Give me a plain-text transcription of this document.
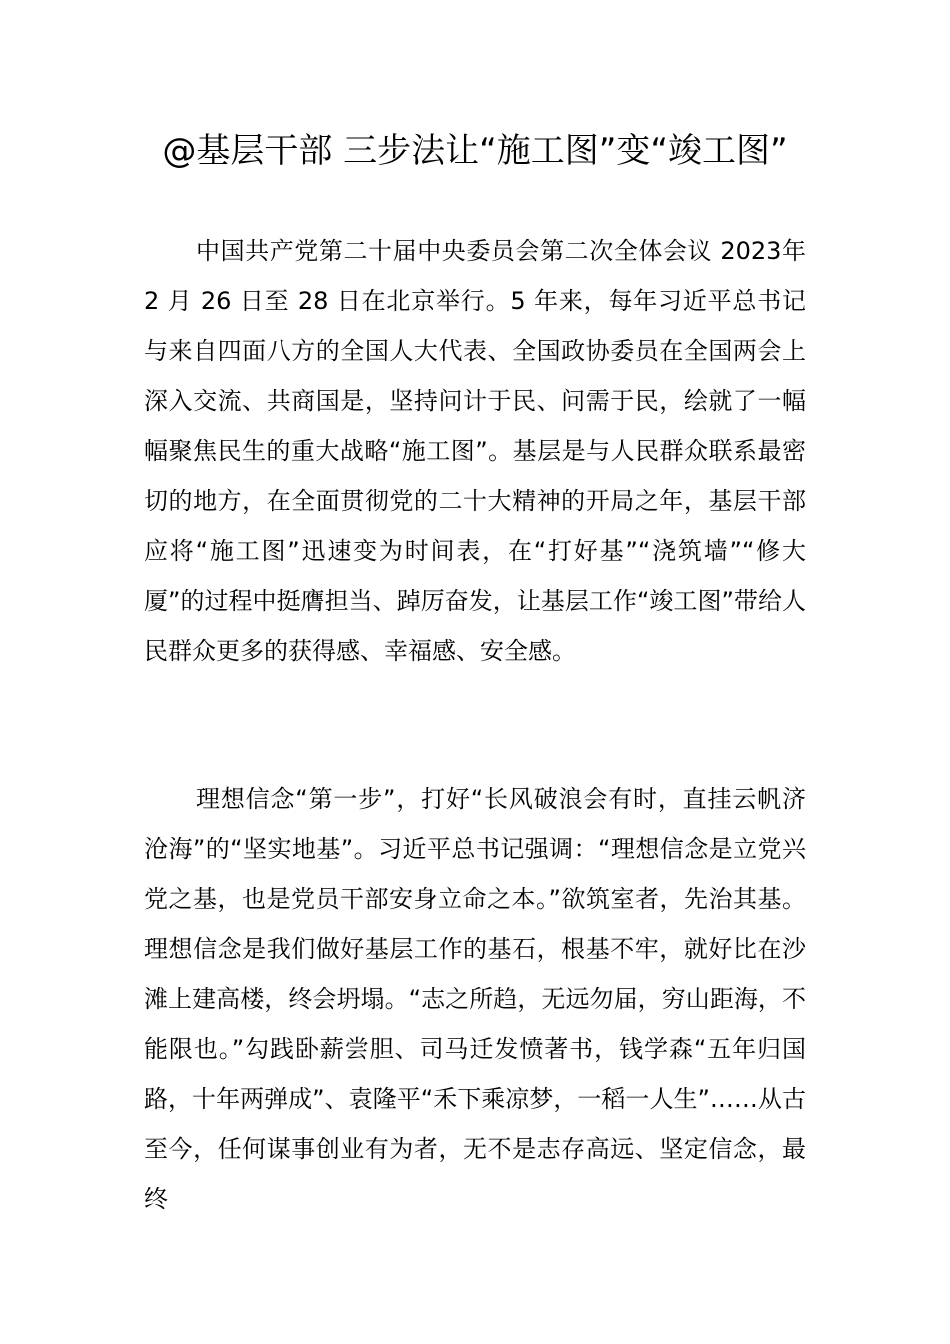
@基层干部 三步法让“施工图”变“竣工图”

中国共产党第二十届中央委员会第二次全体会议 2023年 2 月 26 日至 28 日在北京举行。5 年来，每年习近平总书记与来自四面八方的全国人大代表、全国政协委员在全国两会上深入交流、共商国是，坚持问计于民、问需于民，绘就了一幅幅聚焦民生的重大战略“施工图”。基层是与人民群众联系最密切的地方，在全面贯彻党的二十大精神的开局之年，基层干部应将“施工图”迅速变为时间表，在“打好基”“浇筑墙”“修大厦”的过程中挺膺担当、踔厉奋发，让基层工作“竣工图”带给人民群众更多的获得感、幸福感、安全感。

理想信念“第一步”，打好“长风破浪会有时，直挂云帆济沧海”的“坚实地基”。习近平总书记强调：“理想信念是立党兴党之基，也是党员干部安身立命之本。”欲筑室者，先治其基。理想信念是我们做好基层工作的基石，根基不牢，就好比在沙滩上建高楼，终会坍塌。“志之所趋，无远勿届，穷山距海，不能限也。”勾践卧薪尝胆、司马迁发愤著书，钱学森“五年归国路，十年两弹成”、袁隆平“禾下乘凉梦，一稻一人生”……从古至今，任何谋事创业有为者，无不是志存高远、坚定信念，最终
